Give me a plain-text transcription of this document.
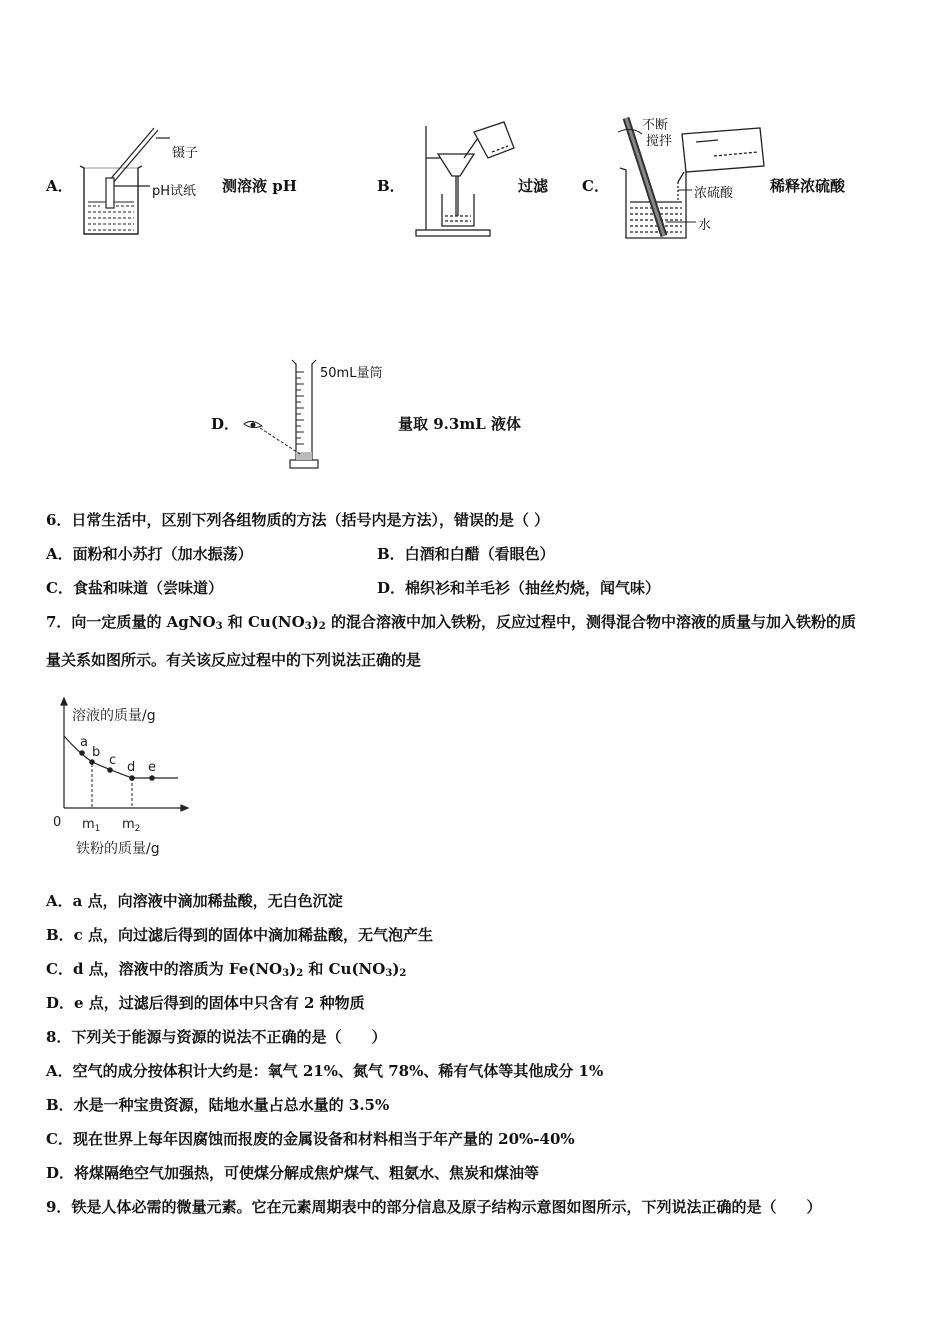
A．
镊子
pH试纸 测溶液 pH	B．	过滤 C．
不断
搅拌
浓硫酸
水
稀释浓硫酸
D．
50mL量筒
量取 9.3mL 液体
6．日常生活中，区别下列各组物质的方法（括号内是方法），错误的是（ ）
A．面粉和小苏打（加水振荡）	B．白酒和白醋（看眼色）
C．食盐和味道（尝味道）	D．棉织衫和羊毛衫（抽丝灼烧，闻气味）
7．向一定质量的 AgNO$_3$ 和 $Cu(NO_3)_2$ 的混合溶液中加入铁粉，反应过程中，测得混合物中溶液的质量与加入铁粉的质
量关系如图所示。有关该反应过程中的下列说法正确的是
溶液的质量/g
a
b
c d e
0 $m_1$ $m_2$
铁粉的质量/g
A．a 点，向溶液中滴加稀盐酸，无白色沉淀
B．c 点，向过滤后得到的固体中滴加稀盐酸，无气泡产生
C．d 点，溶液中的溶质为 $Fe(NO_3)_2$ 和 $Cu(NO_3)_2$
D．e 点，过滤后得到的固体中只含有 2 种物质
8．下列关于能源与资源的说法不正确的是（　　）
A．空气的成分按体积计大约是：氧气 21%、氮气 78%、稀有气体等其他成分 1%
B．水是一种宝贵资源，陆地水量占总水量的 3.5%
C．现在世界上每年因腐蚀而报废的金属设备和材料相当于年产量的 20%-40%
D．将煤隔绝空气加强热，可使煤分解成焦炉煤气、粗氨水、焦炭和煤油等
9．铁是人体必需的微量元素。它在元素周期表中的部分信息及原子结构示意图如图所示，下列说法正确的是（　　）
